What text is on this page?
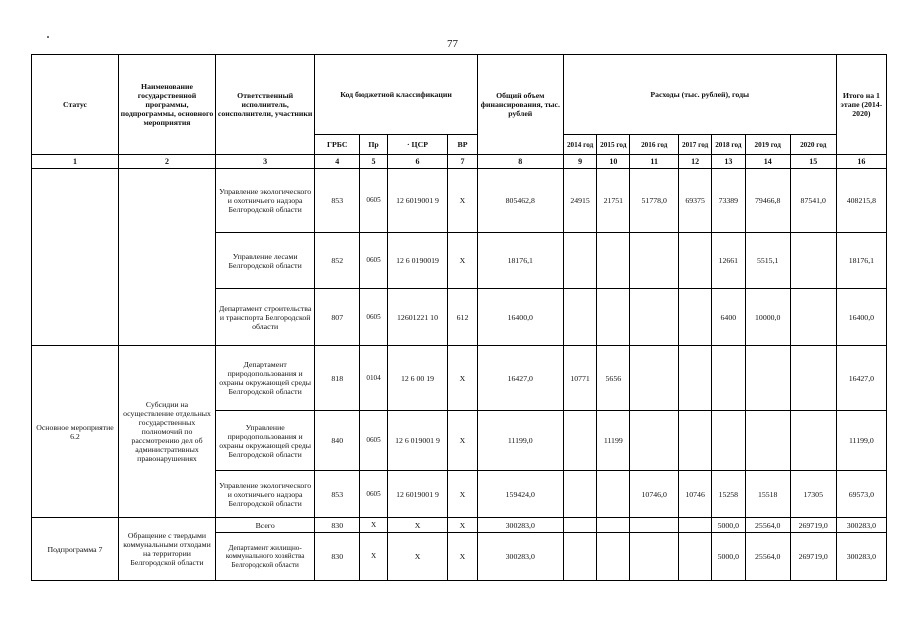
77
Статус	Наименование государственной программы, подпрограммы, основного мероприятия	Ответственный исполнитель, соисполнители, участники	Код бюджетной классификации				Общий объем финансирования, тыс. рублей	Расходы (тыс. рублей), годы							Итого на 1 этапе (2014-2020)
			ГРБС	Пр	· ЦСР	ВР		2014 год	2015 год	2016 год	2017 год	2018 год	2019 год	2020 год	
1	2	3	4	5	6	7	8	9	10	11	12	13	14	15	16
		Управление экологического и охотничьего надзора Белгородской области	853	0605	12 6019001 9	Х	805462,8	24915	21751	51778,0	69375	73389	79466,8	87541,0	408215,8
		Управление лесами Белгородской области	852	0605	12 6 0190019	Х	18176,1					12661	5515,1		18176,1
		Департамент строительства и транспорта Белгородской области	807	0605	12601221 10	612	16400,0					6400	10000,0		16400,0
Основное мероприятие 6.2	Субсидии на осуществление отдельных государственных полномочий по рассмотрению дел об административных правонарушениях	Департамент природопользования и охраны окружающей среды Белгородской области	818	0104	12 6 00 19	Х	16427,0	10771	5656						16427,0
		Управление природопользования и охраны окружающей среды Белгородской области	840	0605	12 6 019001 9	Х	11199,0		11199						11199,0
		Управление экологического и охотничьего надзора Белгородской области	853	0605	12 6019001 9	Х	159424,0			10746,0	10746	15258	15518	17305	69573,0
Подпрограмма 7	Обращение с твердыми коммунальными отходами на территории Белгородской области	Всего	830	Х	Х	Х	300283,0					5000,0	25564,0	269719,0	300283,0
		Департамент жилищно-коммунального хозяйства Белгородской области	830	Х	Х	Х	300283,0					5000,0	25564,0	269719,0	300283,0
